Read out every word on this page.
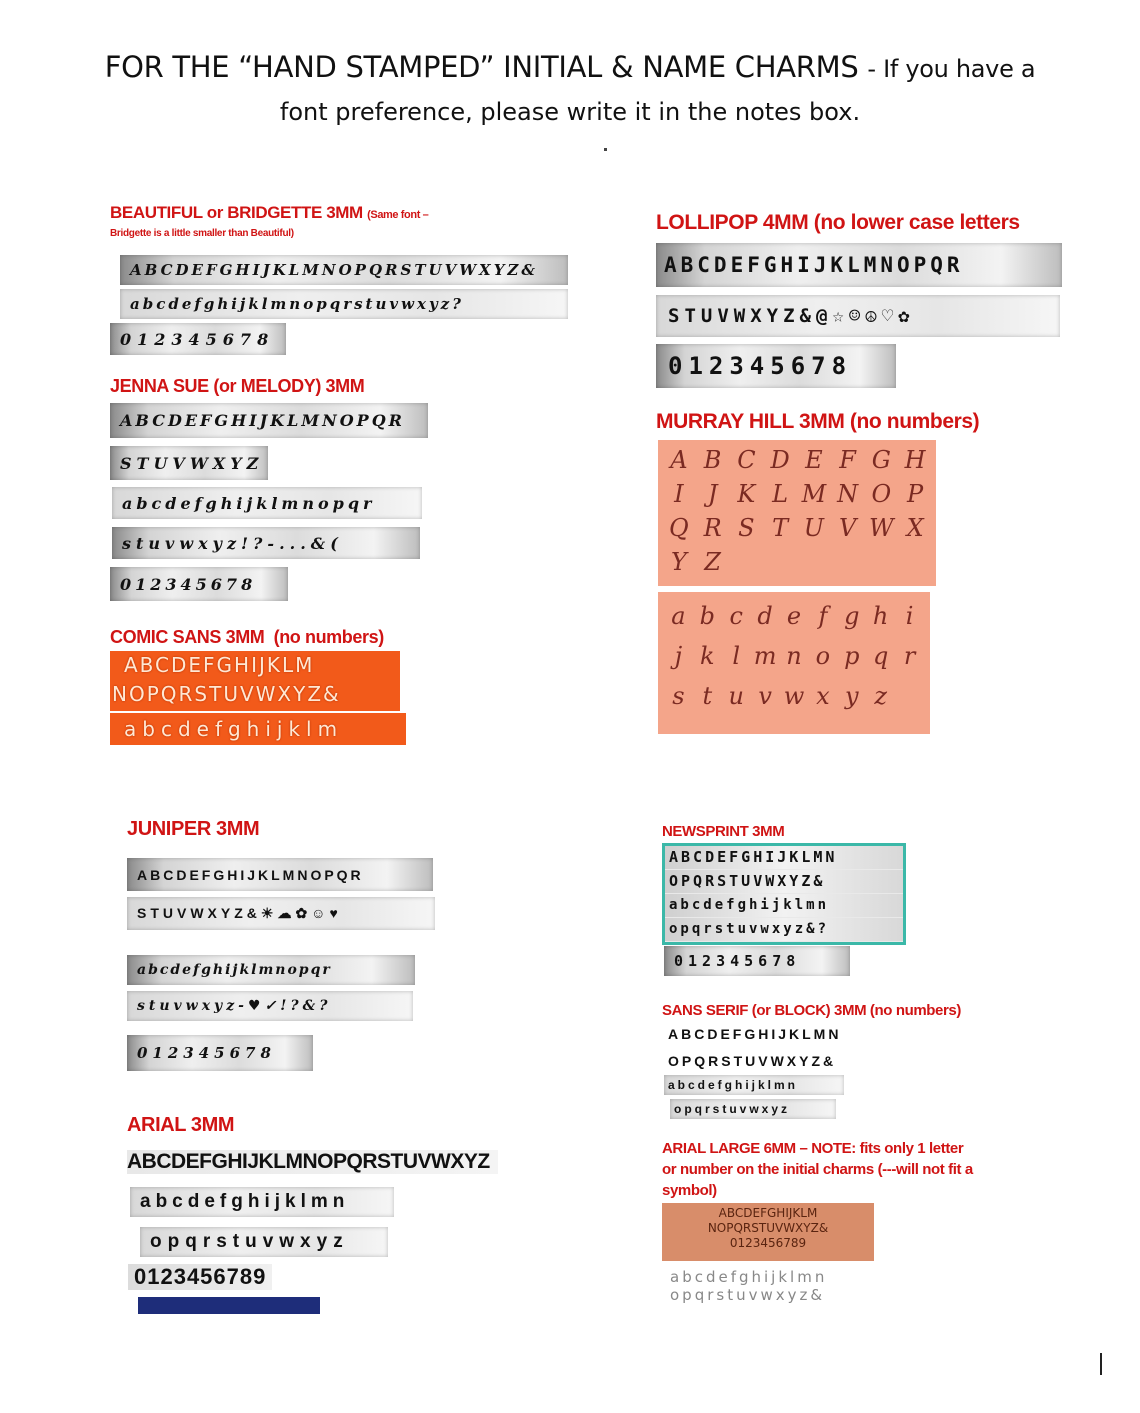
FOR THE “HAND STAMPED” INITIAL & NAME CHARMS - If you have a
font preference, please write it in the notes box.
BEAUTIFUL or BRIDGETTE 3MM (Same font –
Bridgette is a little smaller than Beautiful)
ABCDEFGHIJKLMNOPQRSTUVWXYZ&
abcdefghijklmnopqrstuvwxyz?
012345678
JENNA SUE (or MELODY) 3MM
ABCDEFGHIJKLMNOPQR
STUVWXYZ
abcdefghijklmnopqr
stuvwxyz!?-...&(
012345678
COMIC SANS 3MM (no numbers)
ABCDEFGHIJKLM
NOPQRSTUVWXYZ&
abcdefghijklm
JUNIPER 3MM
ABCDEFGHIJKLMNOPQR
STUVWXYZ&☀☁✿☺♥
abcdefghijklmnopqr
stuvwxyz-♥✓!?&?
012345678
ARIAL 3MM
ABCDEFGHIJKLMNOPQRSTUVWXYZ
abcdefghijklmn
opqrstuvwxyz
0123456789
LOLLIPOP 4MM (no lower case letters
ABCDEFGHIJKLMNOPQR
STUVWXYZ&@☆☺☮♡✿
012345678
MURRAY HILL 3MM (no numbers)
A B C D E F G H
I	J K L M N O P
Q R S T U V W X
Y Z
a b c d e f g h i
j k l m n o p q r
s t u v w x y z
NEWSPRINT 3MM
ABCDEFGHIJKLMN
OPQRSTUVWXYZ&
abcdefghijklmn
opqrstuvwxyz&?
012345678
SANS SERIF (or BLOCK) 3MM (no numbers)
ABCDEFGHIJKLMN
OPQRSTUVWXYZ&
abcdefghijklmn
opqrstuvwxyz
ARIAL LARGE 6MM – NOTE: fits only 1 letter
or number on the initial charms (---will not fit a
symbol)
ABCDEFGHIJKLM
NOPQRSTUVWXYZ&
0123456789
abcdefghijklmn
opqrstuvwxyz&
